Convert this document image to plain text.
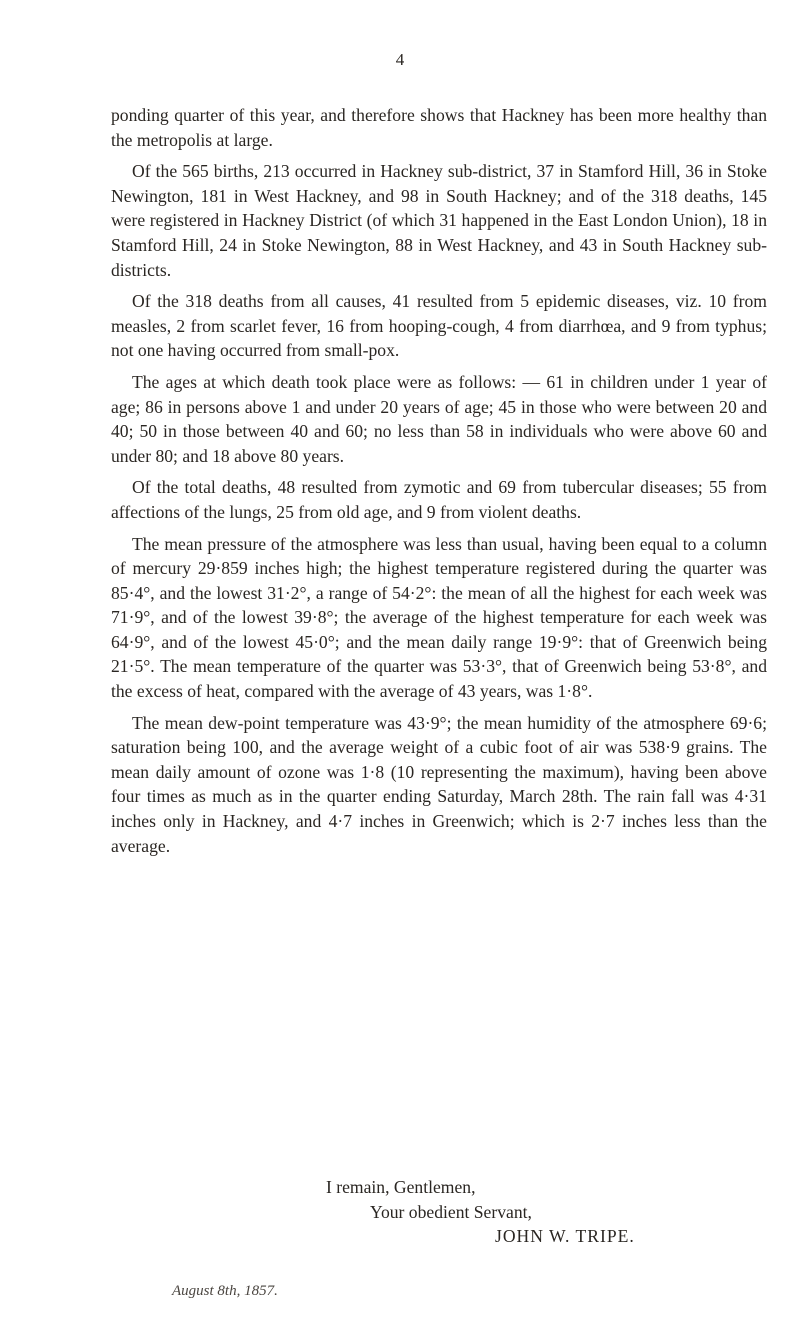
4

ponding quarter of this year, and therefore shows that Hackney has been more healthy than the metropolis at large.

Of the 565 births, 213 occurred in Hackney sub-district, 37 in Stamford Hill, 36 in Stoke Newington, 181 in West Hackney, and 98 in South Hackney; and of the 318 deaths, 145 were registered in Hackney District (of which 31 happened in the East London Union), 18 in Stamford Hill, 24 in Stoke Newington, 88 in West Hackney, and 43 in South Hackney sub-districts.

Of the 318 deaths from all causes, 41 resulted from 5 epidemic diseases, viz. 10 from measles, 2 from scarlet fever, 16 from hooping-cough, 4 from diarrhœa, and 9 from typhus; not one having occurred from small-pox.

The ages at which death took place were as follows: — 61 in children under 1 year of age; 86 in persons above 1 and under 20 years of age; 45 in those who were between 20 and 40; 50 in those between 40 and 60; no less than 58 in individuals who were above 60 and under 80; and 18 above 80 years.

Of the total deaths, 48 resulted from zymotic and 69 from tubercular diseases; 55 from affections of the lungs, 25 from old age, and 9 from violent deaths.

The mean pressure of the atmosphere was less than usual, having been equal to a column of mercury 29·859 inches high; the highest temperature registered during the quarter was 85·4°, and the lowest 31·2°, a range of 54·2°: the mean of all the highest for each week was 71·9°, and of the lowest 39·8°; the average of the highest temperature for each week was 64·9°, and of the lowest 45·0°; and the mean daily range 19·9°: that of Greenwich being 21·5°. The mean temperature of the quarter was 53·3°, that of Greenwich being 53·8°, and the excess of heat, compared with the average of 43 years, was 1·8°.

The mean dew-point temperature was 43·9°; the mean humidity of the atmosphere 69·6; saturation being 100, and the average weight of a cubic foot of air was 538·9 grains. The mean daily amount of ozone was 1·8 (10 representing the maximum), having been above four times as much as in the quarter ending Saturday, March 28th. The rain fall was 4·31 inches only in Hackney, and 4·7 inches in Greenwich; which is 2·7 inches less than the average.

I remain, Gentlemen,
Your obedient Servant,
JOHN W. TRIPE.
August 8th, 1857.
